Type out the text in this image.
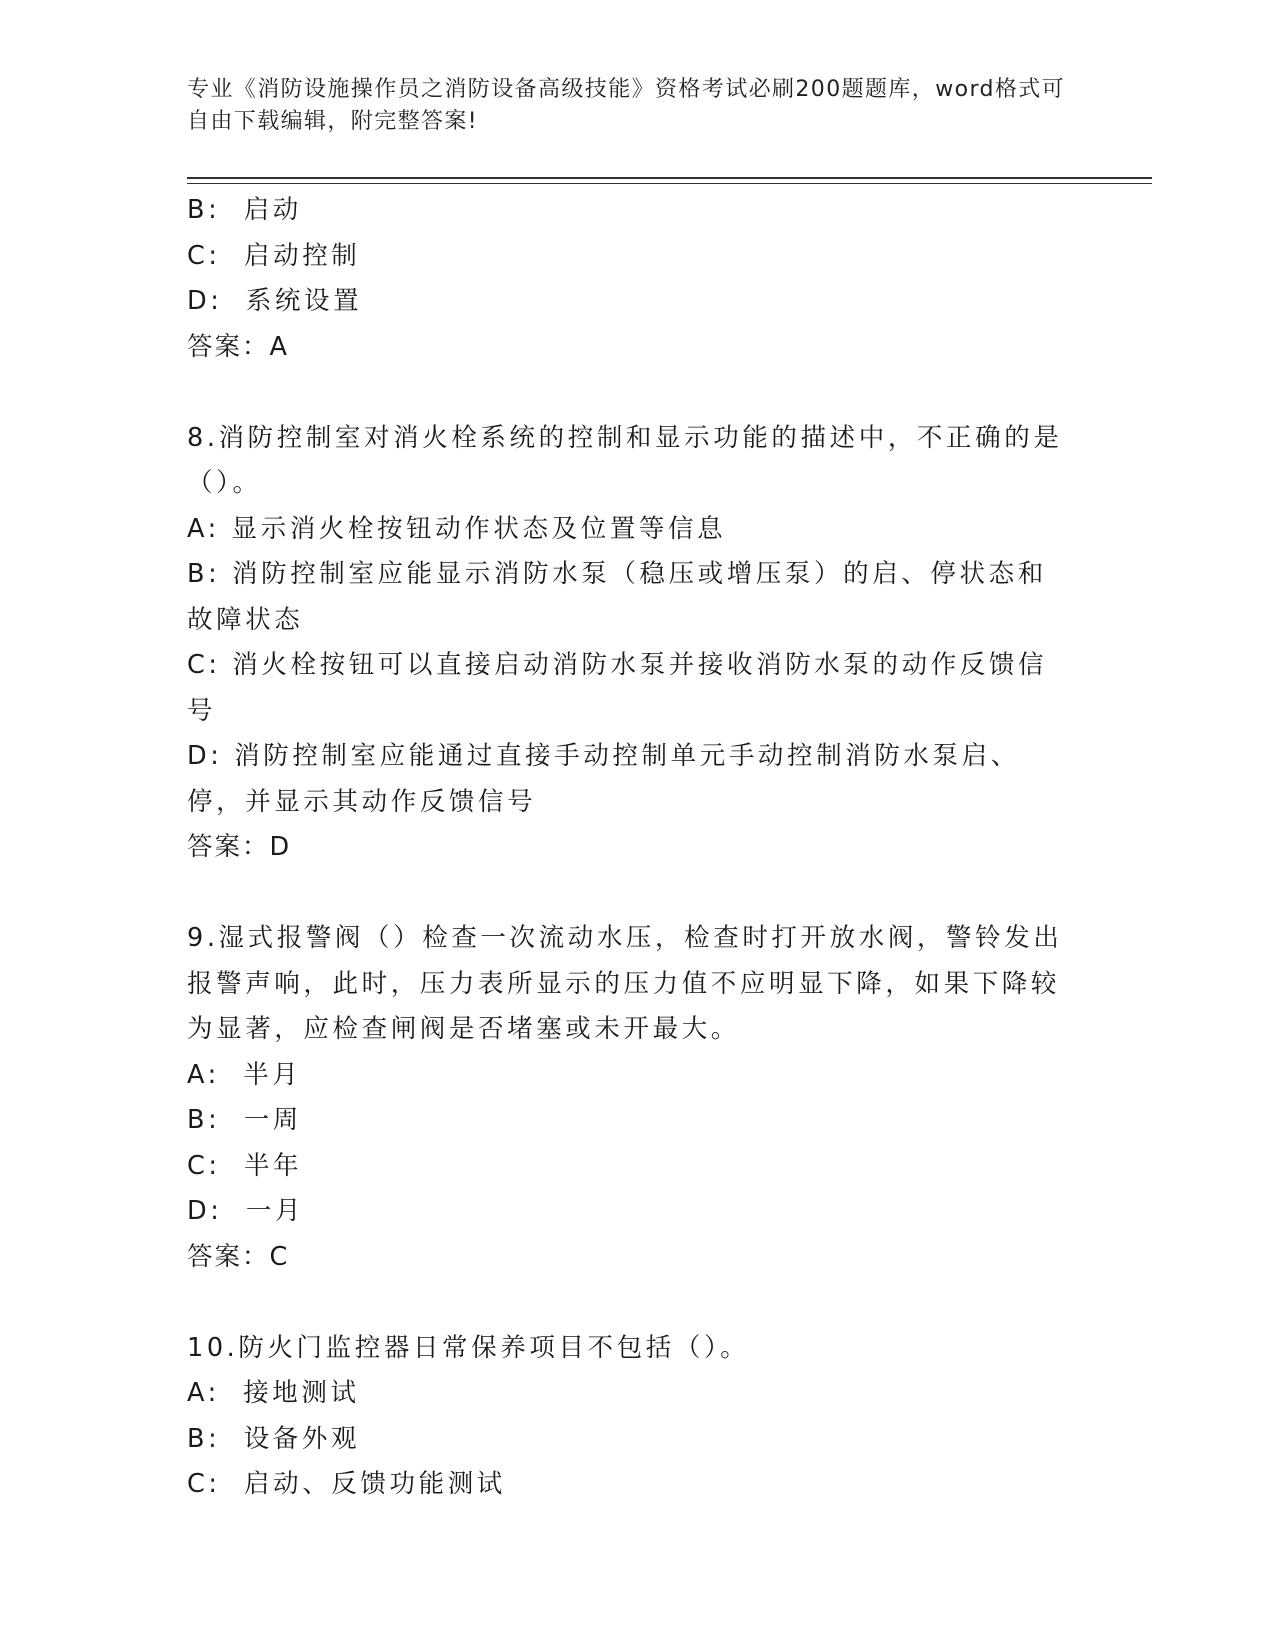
专业《消防设施操作员之消防设备高级技能》资格考试必刷200题题库，word格式可自由下载编辑，附完整答案!
B:  启动
C:  启动控制
D:  系统设置
答案：A
8.消防控制室对消火栓系统的控制和显示功能的描述中，不正确的是（）。
A: 显示消火栓按钮动作状态及位置等信息
B: 消防控制室应能显示消防水泵（稳压或增压泵）的启、停状态和故障状态
C: 消火栓按钮可以直接启动消防水泵并接收消防水泵的动作反馈信号
D: 消防控制室应能通过直接手动控制单元手动控制消防水泵启、停，并显示其动作反馈信号
答案：D
9.湿式报警阀（）检查一次流动水压，检查时打开放水阀，警铃发出报警声响，此时，压力表所显示的压力值不应明显下降，如果下降较为显著，应检查闸阀是否堵塞或未开最大。
A:  半月
B:  一周
C:  半年
D:  一月
答案：C
10.防火门监控器日常保养项目不包括（）。
A:  接地测试
B:  设备外观
C:  启动、反馈功能测试
